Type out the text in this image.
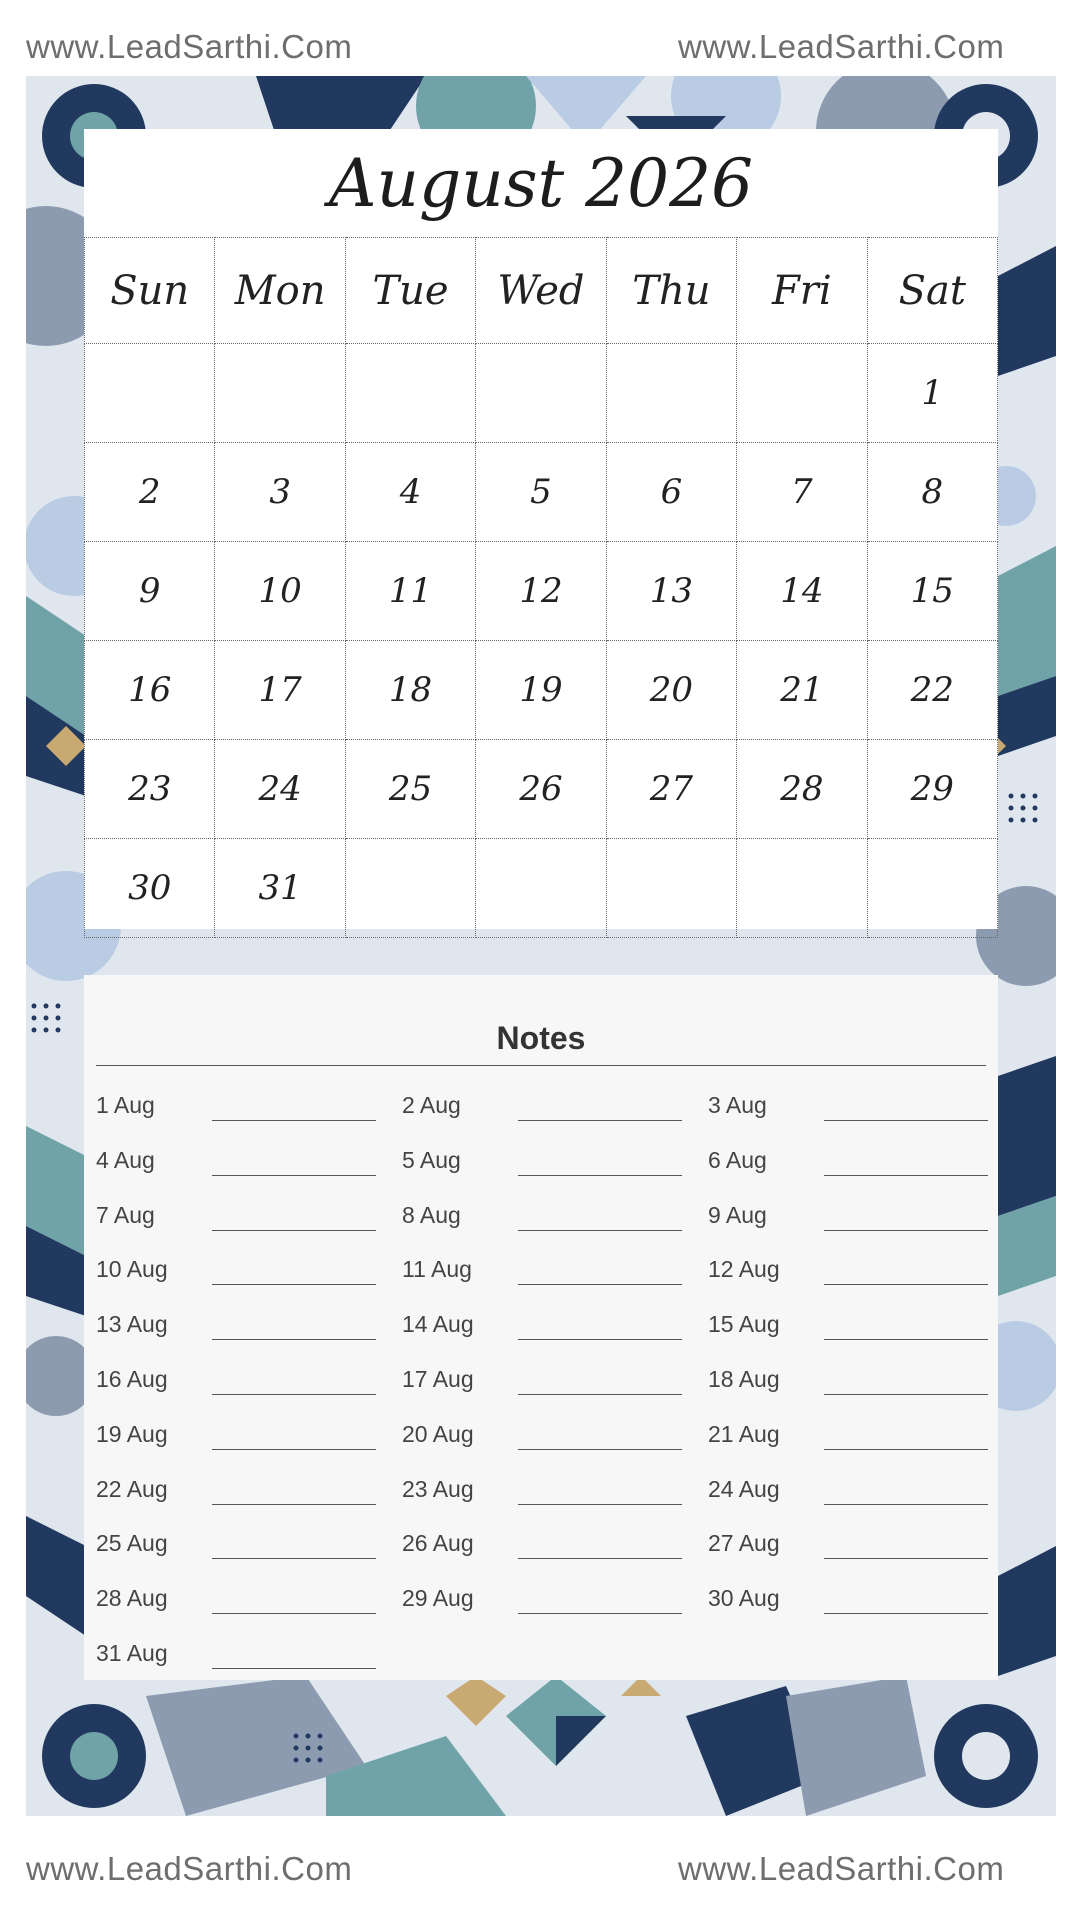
www.LeadSarthi.Com	www.LeadSarthi.Com
August 2026
Sun	Mon	Tue	Wed	Thu	Fri	Sat
						1
2	3	4	5	6	7	8
9	10	11	12	13	14	15
16	17	18	19	20	21	22
23	24	25	26	27	28	29
30	31					
Notes
1 Aug	2 Aug	3 Aug
4 Aug	5 Aug	6 Aug
7 Aug	8 Aug	9 Aug
10 Aug	11 Aug	12 Aug
13 Aug	14 Aug	15 Aug
16 Aug	17 Aug	18 Aug
19 Aug	20 Aug	21 Aug
22 Aug	23 Aug	24 Aug
25 Aug	26 Aug	27 Aug
28 Aug	29 Aug	30 Aug
31 Aug
www.LeadSarthi.Com	www.LeadSarthi.Com
